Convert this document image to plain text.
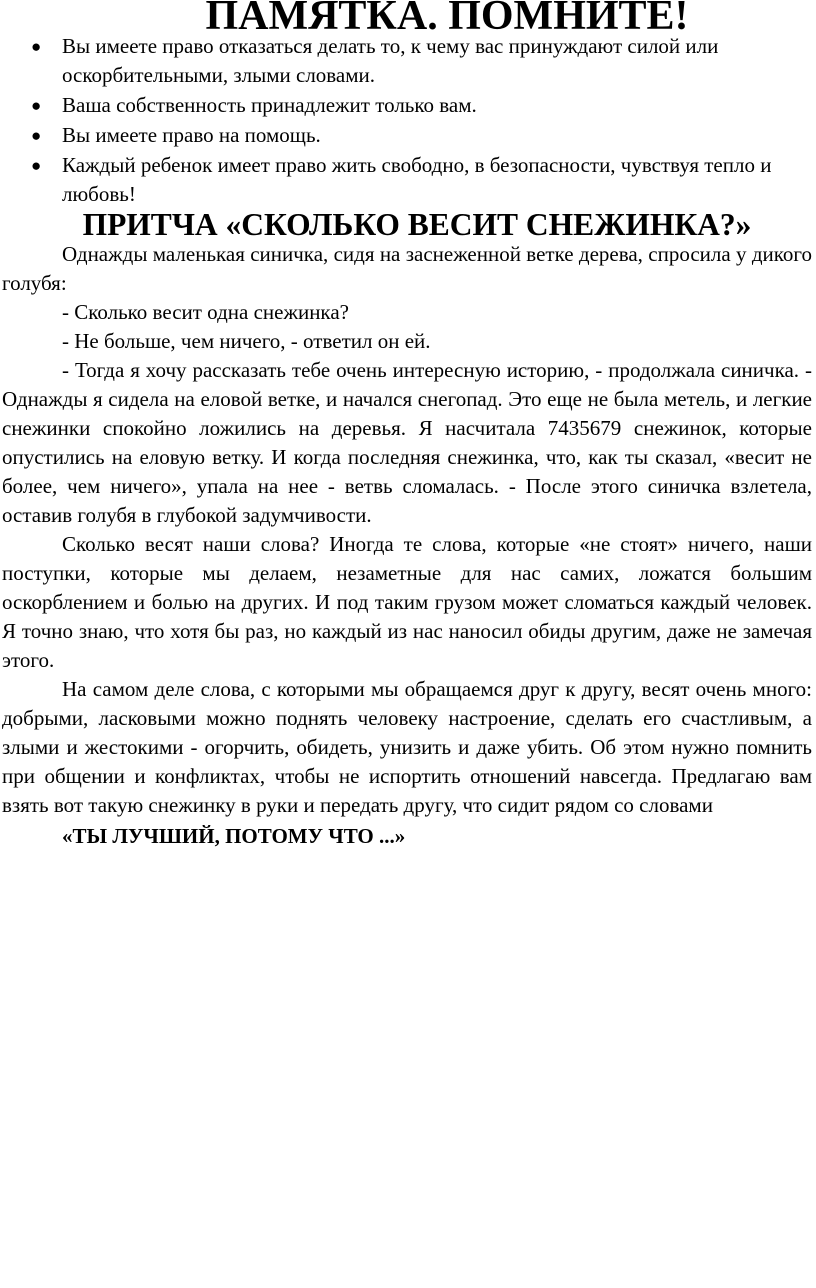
ПАМЯТКА. ПОМНИТЕ!
● Вы имеете право отказаться делать то, к чему вас принуждают силой или оскорбительными, злыми словами.
● Ваша собственность принадлежит только вам.
● Вы имеете право на помощь.
● Каждый ребенок имеет право жить свободно, в безопасности, чувствуя тепло и любовь!
ПРИТЧА «СКОЛЬКО ВЕСИТ СНЕЖИНКА?»

Однажды маленькая синичка, сидя на заснеженной ветке дерева, спросила у дикого голубя:

- Сколько весит одна снежинка?

- Не больше, чем ничего, - ответил он ей.

- Тогда я хочу рассказать тебе очень интересную историю, - продолжала синичка. - Однажды я сидела на еловой ветке, и начался снегопад. Это еще не была метель, и легкие снежинки спокойно ложились на деревья. Я насчитала 7435679 снежинок, которые опустились на еловую ветку. И когда последняя снежинка, что, как ты сказал, «весит не более, чем ничего», упала на нее - ветвь сломалась. - После этого синичка взлетела, оставив голубя в глубокой задумчивости.

Сколько весят наши слова? Иногда те слова, которые «не стоят» ничего, наши поступки, которые мы делаем, незаметные для нас самих, ложатся большим оскорблением и болью на других. И под таким грузом может сломаться каждый человек. Я точно знаю, что хотя бы раз, но каждый из нас наносил обиды другим, даже не замечая этого.

На самом деле слова, с которыми мы обращаемся друг к другу, весят очень много: добрыми, ласковыми можно поднять человеку настроение, сделать его счастливым, а злыми и жестокими - огорчить, обидеть, унизить и даже убить. Об этом нужно помнить при общении и конфликтах, чтобы не испортить отношений навсегда. Предлагаю вам взять вот такую снежинку в руки и передать другу, что сидит рядом со словами

«ТЫ ЛУЧШИЙ, ПОТОМУ ЧТО ...»
